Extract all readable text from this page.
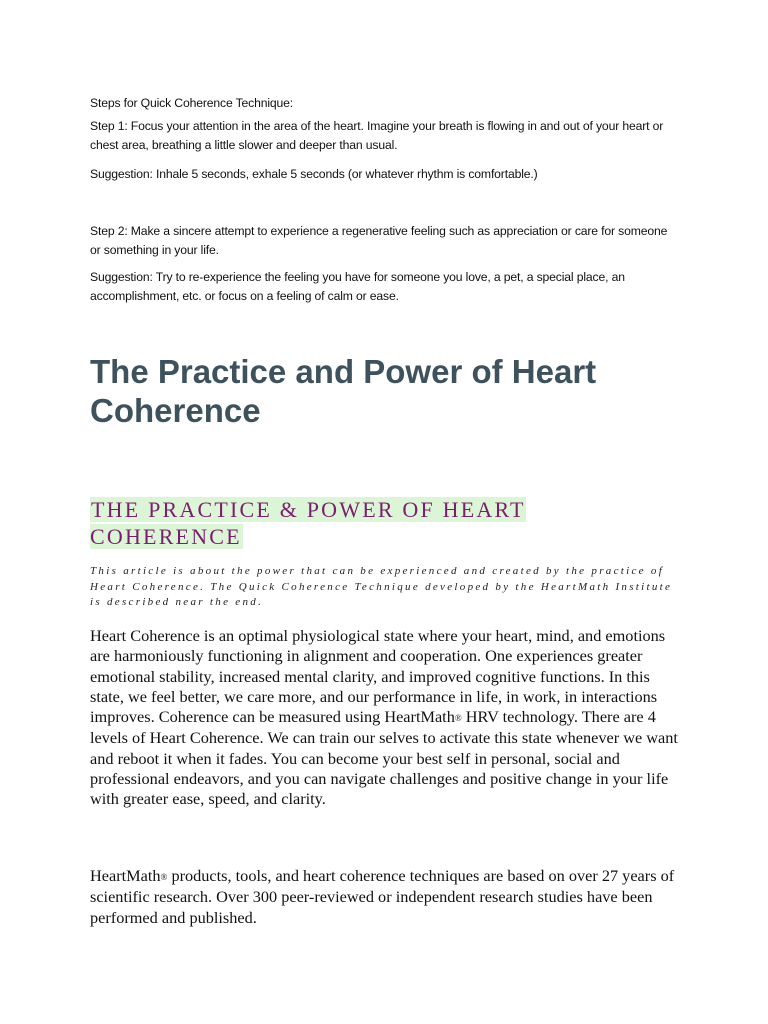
Steps for Quick Coherence Technique:

Step 1: Focus your attention in the area of the heart. Imagine your breath is flowing in and out of your heart or chest area, breathing a little slower and deeper than usual.

Suggestion: Inhale 5 seconds, exhale 5 seconds (or whatever rhythm is comfortable.)

Step 2: Make a sincere attempt to experience a regenerative feeling such as appreciation or care for someone or something in your life.

Suggestion: Try to re-experience the feeling you have for someone you love, a pet, a special place, an accomplishment, etc. or focus on a feeling of calm or ease.

The Practice and Power of Heart Coherence
THE PRACTICE & POWER OF HEART COHERENCE

This article is about the power that can be experienced and created by the practice of Heart Coherence. The Quick Coherence Technique developed by the HeartMath Institute is described near the end.

Heart Coherence is an optimal physiological state where your heart, mind, and emotions are harmoniously functioning in alignment and cooperation. One experiences greater emotional stability, increased mental clarity, and improved cognitive functions. In this state, we feel better, we care more, and our performance in life, in work, in interactions improves. Coherence can be measured using HeartMath® HRV technology. There are 4 levels of Heart Coherence. We can train our selves to activate this state whenever we want and reboot it when it fades. You can become your best self in personal, social and professional endeavors, and you can navigate challenges and positive change in your life with greater ease, speed, and clarity.

HeartMath® products, tools, and heart coherence techniques are based on over 27 years of scientific research. Over 300 peer-reviewed or independent research studies have been performed and published.
